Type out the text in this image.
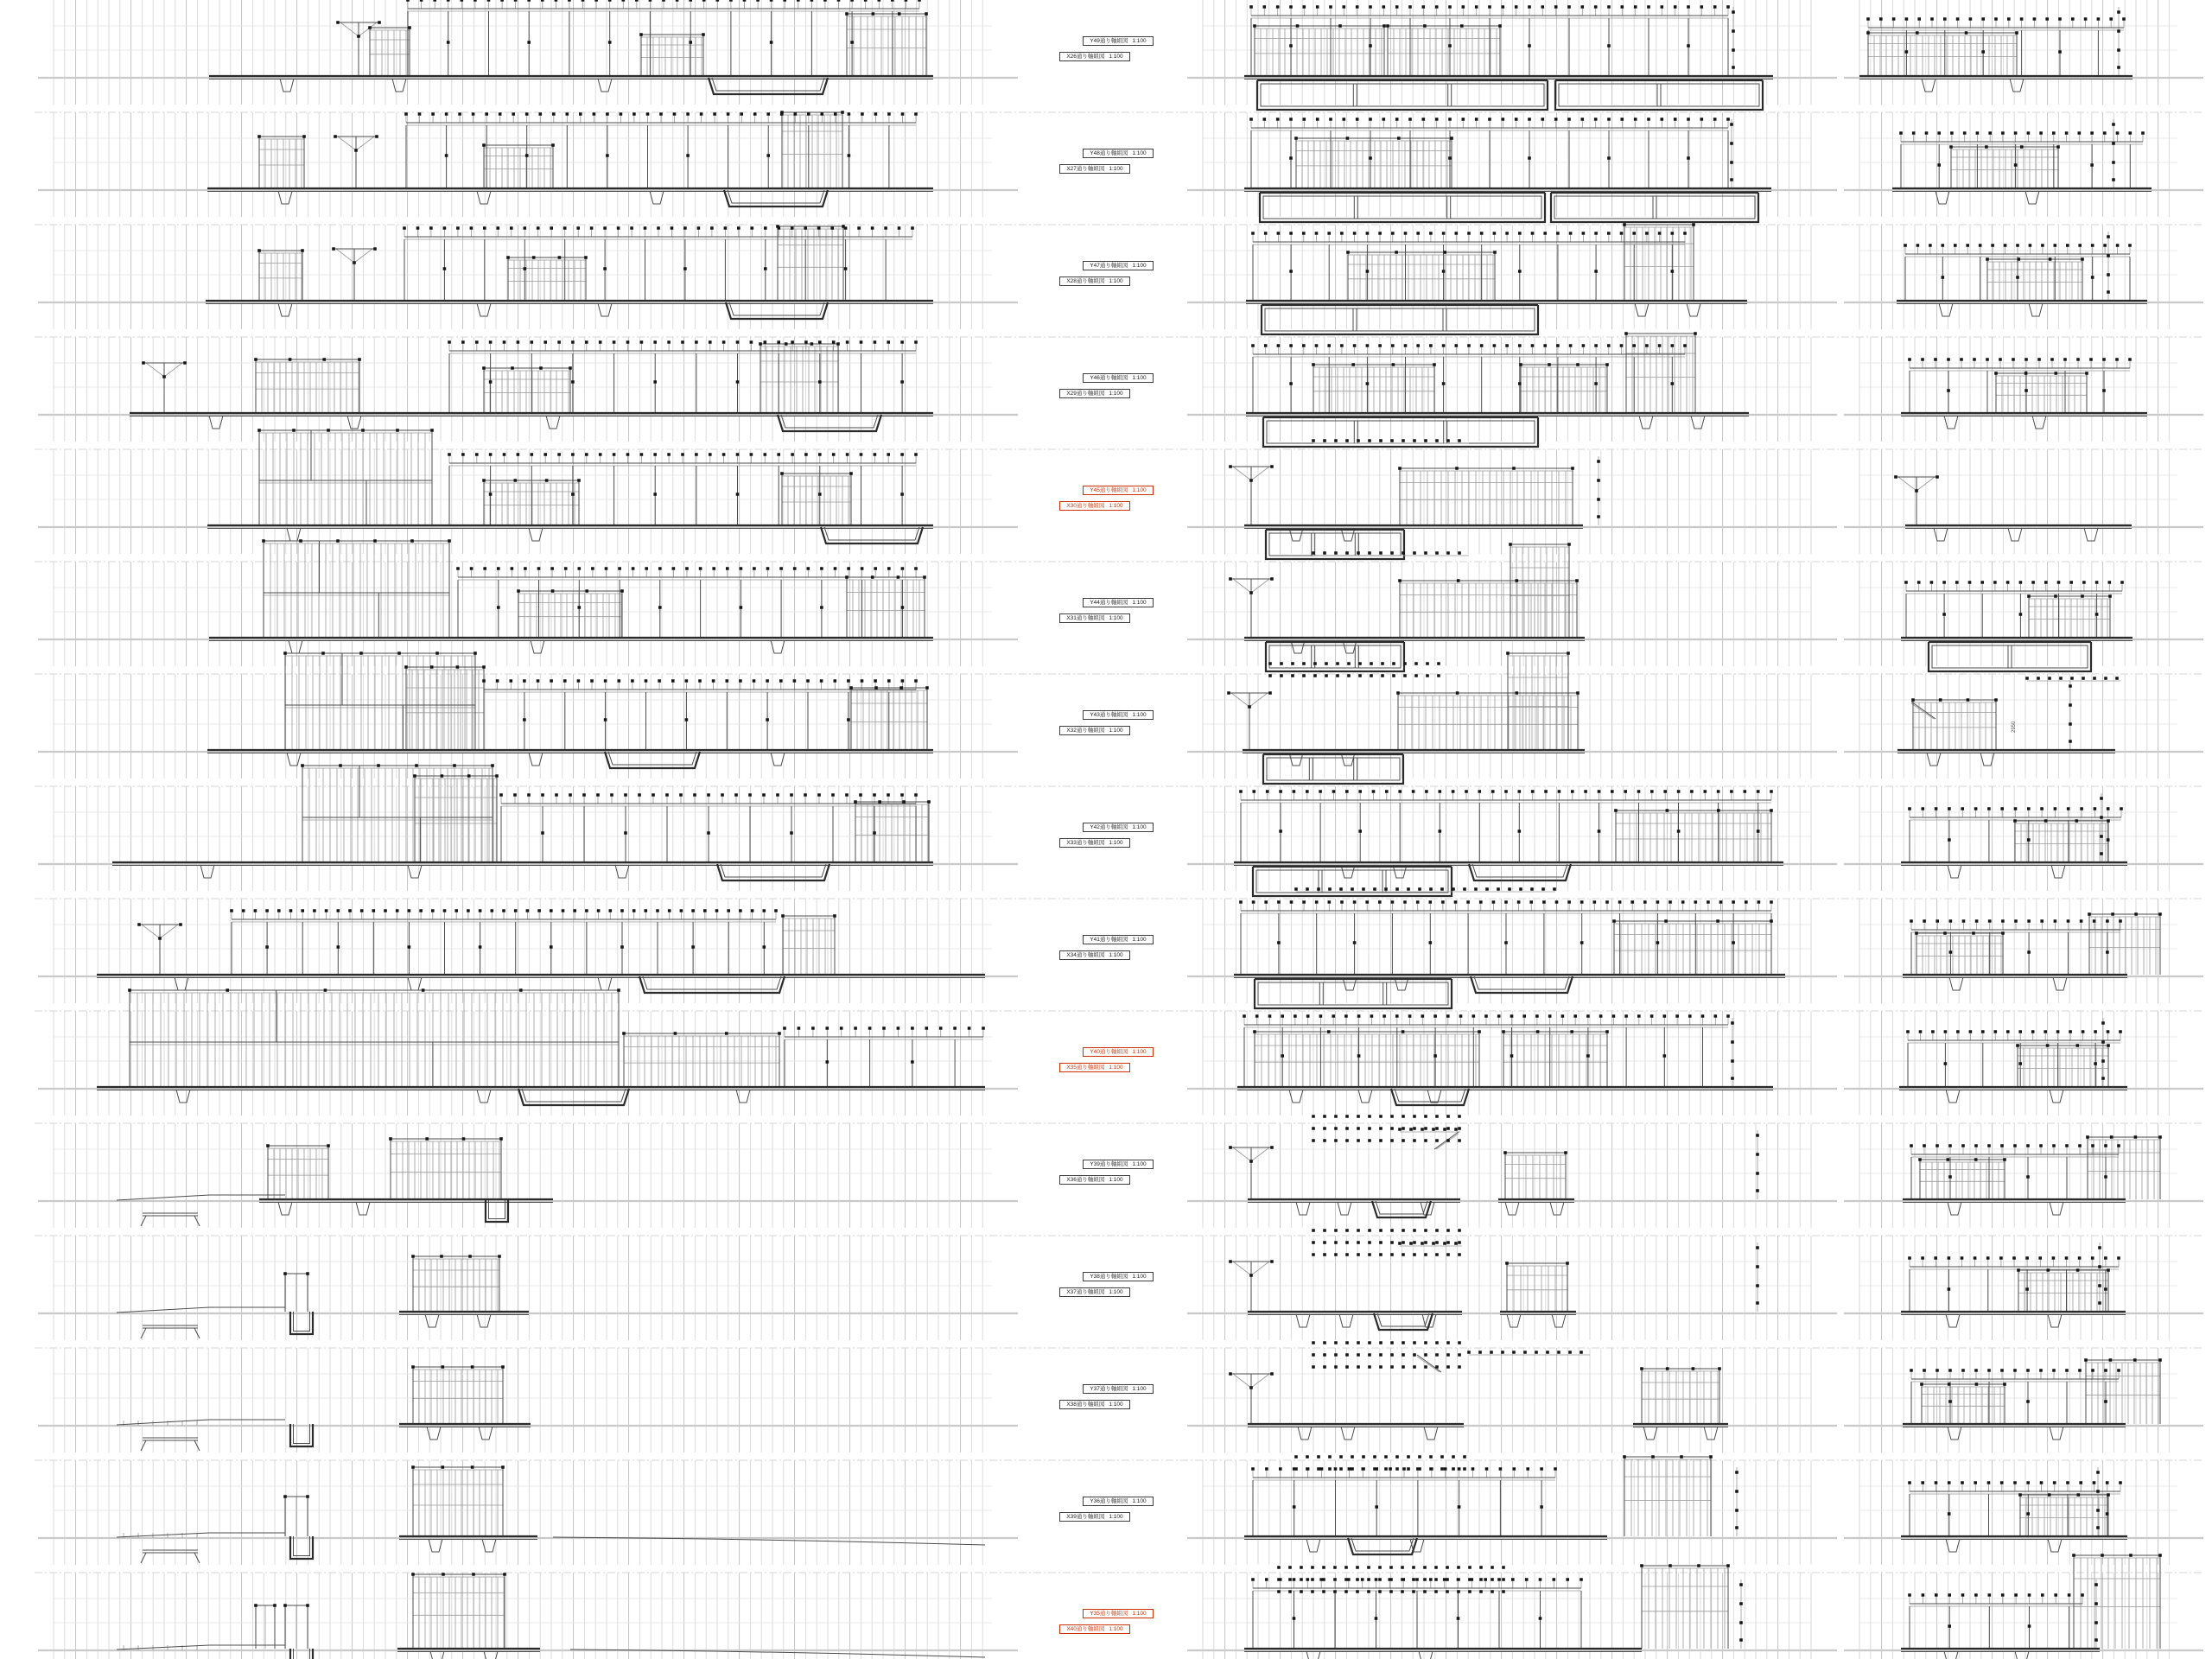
2950
Y49通り軸組図 1:100
X26通り軸組図 1:100
Y48通り軸組図 1:100
X27通り軸組図 1:100
Y47通り軸組図 1:100
X28通り軸組図 1:100
Y46通り軸組図 1:100
X29通り軸組図 1:100
Y45通り軸組図 1:100
X30通り軸組図 1:100
Y44通り軸組図 1:100
X31通り軸組図 1:100
Y43通り軸組図 1:100
X32通り軸組図 1:100
Y42通り軸組図 1:100
X33通り軸組図 1:100
Y41通り軸組図 1:100
X34通り軸組図 1:100
Y40通り軸組図 1:100
X35通り軸組図 1:100
Y39通り軸組図 1:100
X36通り軸組図 1:100
Y38通り軸組図 1:100
X37通り軸組図 1:100
Y37通り軸組図 1:100
X38通り軸組図 1:100
Y36通り軸組図 1:100
X39通り軸組図 1:100
Y35通り軸組図 1:100
X40通り軸組図 1:100
